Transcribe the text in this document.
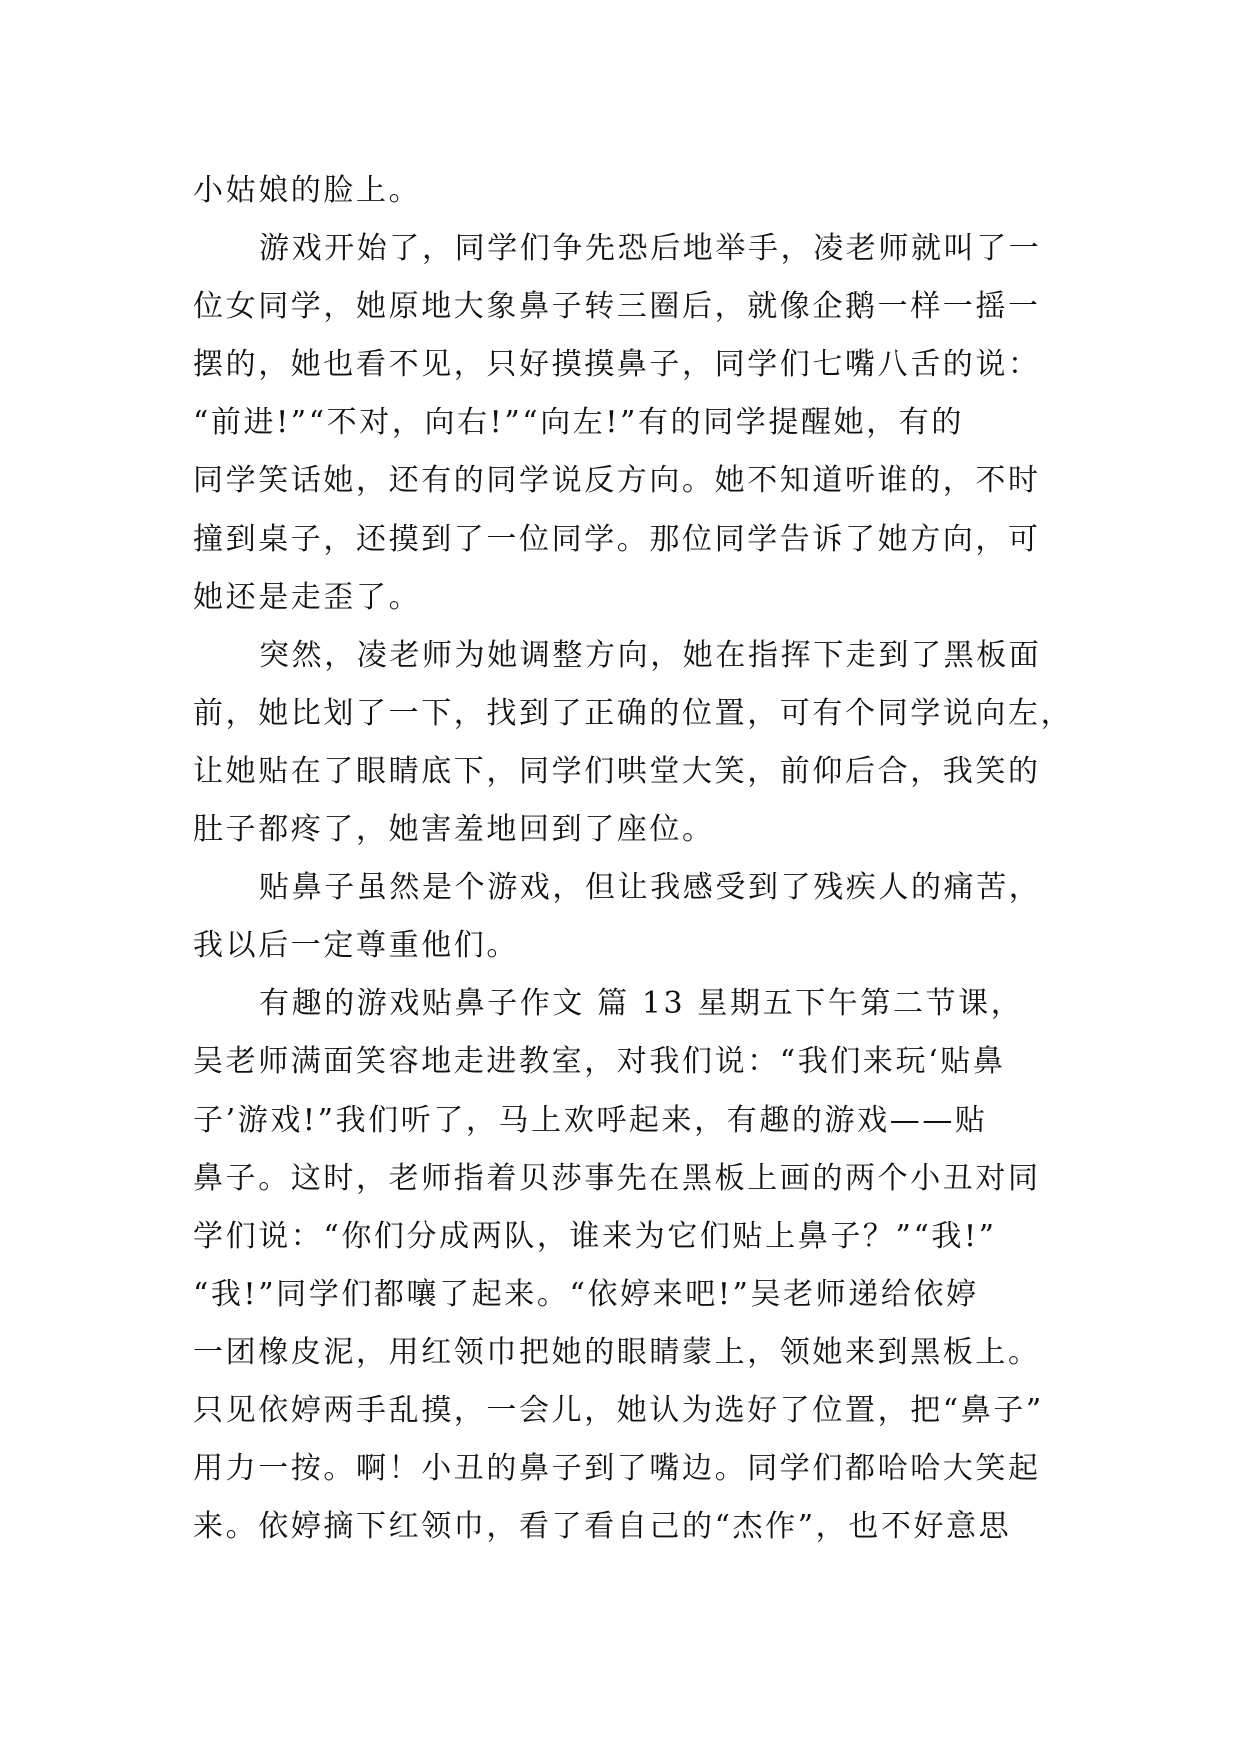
小姑娘的脸上。
游戏开始了，同学们争先恐后地举手，凌老师就叫了一
位女同学，她原地大象鼻子转三圈后，就像企鹅一样一摇一
摆的，她也看不见，只好摸摸鼻子，同学们七嘴八舌的说：
“前进!”“不对，向右!”“向左!”有的同学提醒她，有的
同学笑话她，还有的同学说反方向。她不知道听谁的，不时
撞到桌子，还摸到了一位同学。那位同学告诉了她方向，可
她还是走歪了。
突然，凌老师为她调整方向，她在指挥下走到了黑板面
前，她比划了一下，找到了正确的位置，可有个同学说向左，
让她贴在了眼睛底下，同学们哄堂大笑，前仰后合，我笑的
肚子都疼了，她害羞地回到了座位。
贴鼻子虽然是个游戏，但让我感受到了残疾人的痛苦，
我以后一定尊重他们。
有趣的游戏贴鼻子作文 篇 13 星期五下午第二节课，
吴老师满面笑容地走进教室，对我们说：“我们来玩‘贴鼻
子’游戏!”我们听了，马上欢呼起来，有趣的游戏——贴
鼻子。这时，老师指着贝莎事先在黑板上画的两个小丑对同
学们说：“你们分成两队，谁来为它们贴上鼻子？”“我!”
“我!”同学们都嚷了起来。“依婷来吧!”吴老师递给依婷
一团橡皮泥，用红领巾把她的眼睛蒙上，领她来到黑板上。
只见依婷两手乱摸，一会儿，她认为选好了位置，把“鼻子”
用力一按。啊！小丑的鼻子到了嘴边。同学们都哈哈大笑起
来。依婷摘下红领巾，看了看自己的“杰作”，也不好意思
